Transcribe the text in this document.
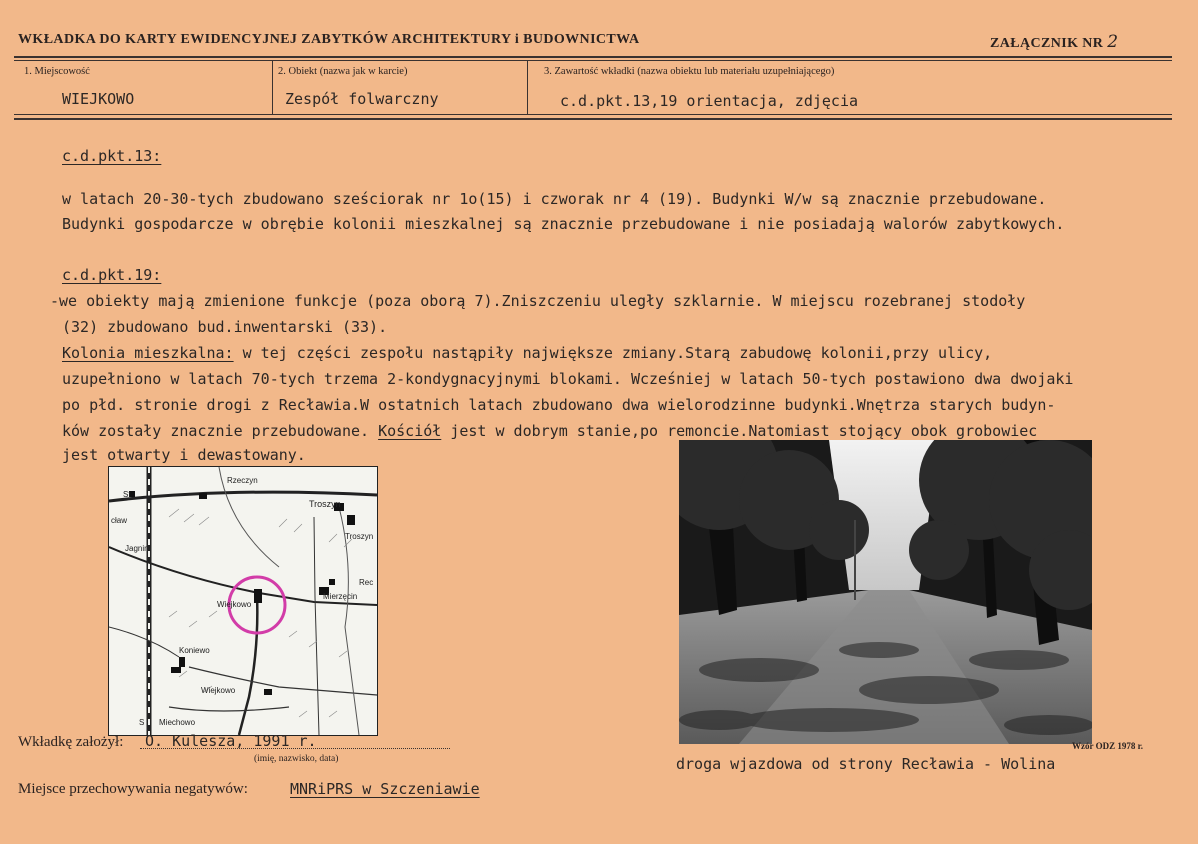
WKŁADKA DO KARTY EWIDENCYJNEJ ZABYTKÓW ARCHITEKTURY i BUDOWNICTWA	ZAŁĄCZNIK NR 2
1. Miejscowość	2. Obiekt (nazwa jak w karcie)	3. Zawartość wkładki (nazwa obiektu lub materiału uzupełniającego)
WIEJKOWO	Zespół folwarczny	c.d.pkt.13,19 orientacja, zdjęcia
c.d.pkt.13:
w latach 20-30-tych zbudowano sześciorak nr 1o(15) i czworak nr 4 (19). Budynki W/w są znacznie przebudowane.
Budynki gospodarcze w obrębie kolonii mieszkalnej są znacznie przebudowane i nie posiadają walorów zabytkowych.
c.d.pkt.19:
-we obiekty mają zmienione funkcje (poza oborą 7).Zniszczeniu uległy szklarnie. W miejscu rozebranej stodoły
(32) zbudowano bud.inwentarski (33).
Kolonia mieszkalna: w tej części zespołu nastąpiły największe zmiany.Starą zabudowę kolonii,przy ulicy,
uzupełniono w latach 70-tych trzema 2-kondygnacyjnymi blokami. Wcześniej w latach 50-tych postawiono dwa dwojaki
po płd. stronie drogi z Recławia.W ostatnich latach zbudowano dwa wielorodzinne budynki.Wnętrza starych budyn-
ków zostały znacznie przebudowane. Kościół jest w dobrym stanie,po remoncie.Natomiast stojący obok grobowiec
jest otwarty i dewastowany.
Rzeczyn
St
cław
Troszyn
Troszyn
Jagnint
Rec
Wiejkowo
Mierzęcin
Koniewo
Wiejkowo
S Miechowo
Wkładkę założył: O. Kulesza, 1991 r.
(imię, nazwisko, data)
Miejsce przechowywania negatywów:	MNRiPRS w Szczeniawie
droga wjazdowa od strony Recławia - Wolina
Wzór ODZ 1978 r.
